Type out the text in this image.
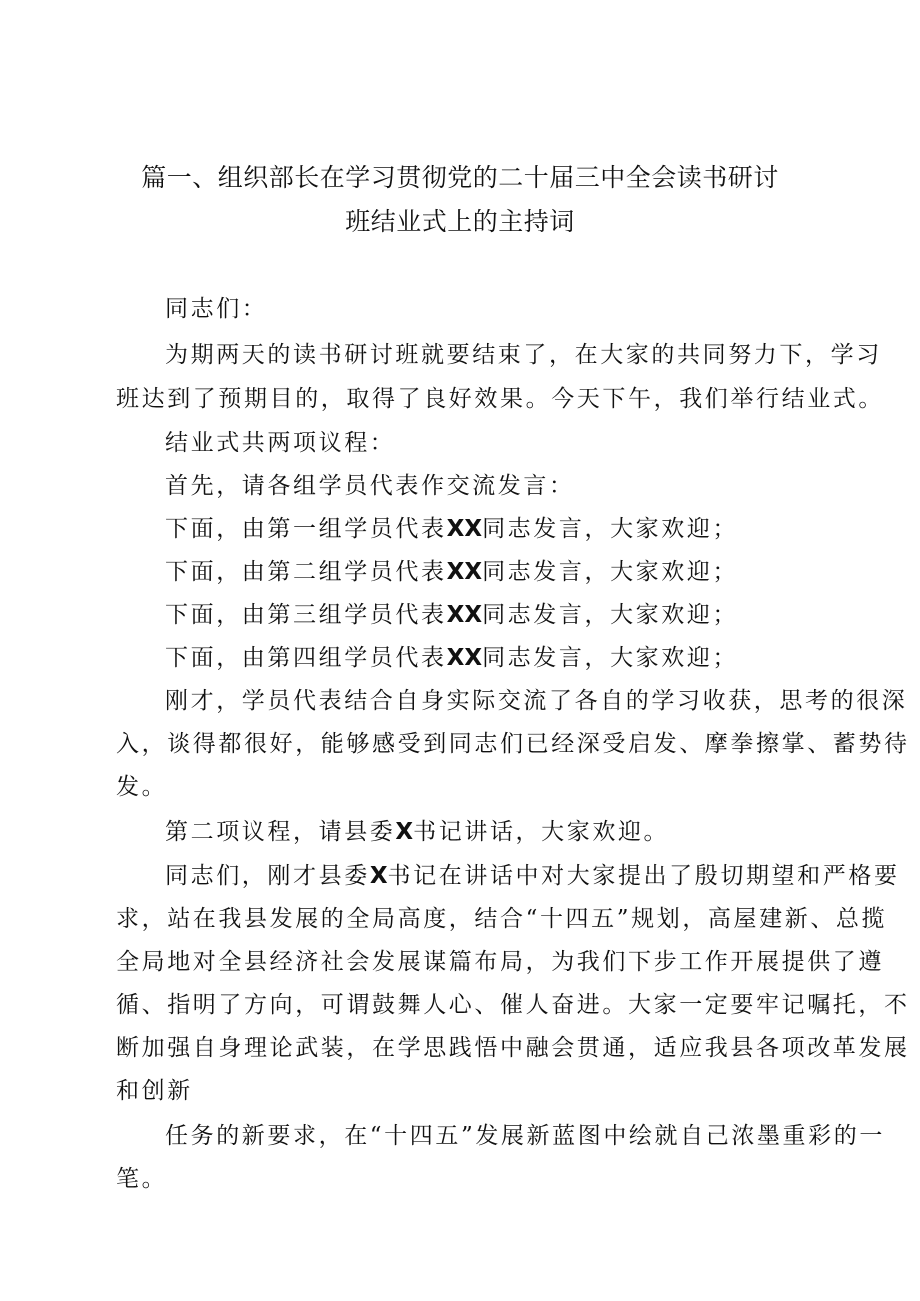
篇一、组织部长在学习贯彻党的二十届三中全会读书研讨
班结业式上的主持词
同志们：
为期两天的读书研讨班就要结束了，在大家的共同努力下，学习
班达到了预期目的，取得了良好效果。今天下午，我们举行结业式。
结业式共两项议程：
首先，请各组学员代表作交流发言：
下面，由第一组学员代表XX同志发言，大家欢迎；
下面，由第二组学员代表XX同志发言，大家欢迎；
下面，由第三组学员代表XX同志发言，大家欢迎；
下面，由第四组学员代表XX同志发言，大家欢迎；
刚才，学员代表结合自身实际交流了各自的学习收获，思考的很深
入，谈得都很好，能够感受到同志们已经深受启发、摩拳擦掌、蓄势待
发。
第二项议程，请县委X书记讲话，大家欢迎。
同志们，刚才县委X书记在讲话中对大家提出了殷切期望和严格要
求，站在我县发展的全局高度，结合“十四五”规划，高屋建新、总揽
全局地对全县经济社会发展谋篇布局，为我们下步工作开展提供了遵
循、指明了方向，可谓鼓舞人心、催人奋进。大家一定要牢记嘱托，不
断加强自身理论武装，在学思践悟中融会贯通，适应我县各项改革发展
和创新
任务的新要求，在“十四五”发展新蓝图中绘就自己浓墨重彩的一
笔。
